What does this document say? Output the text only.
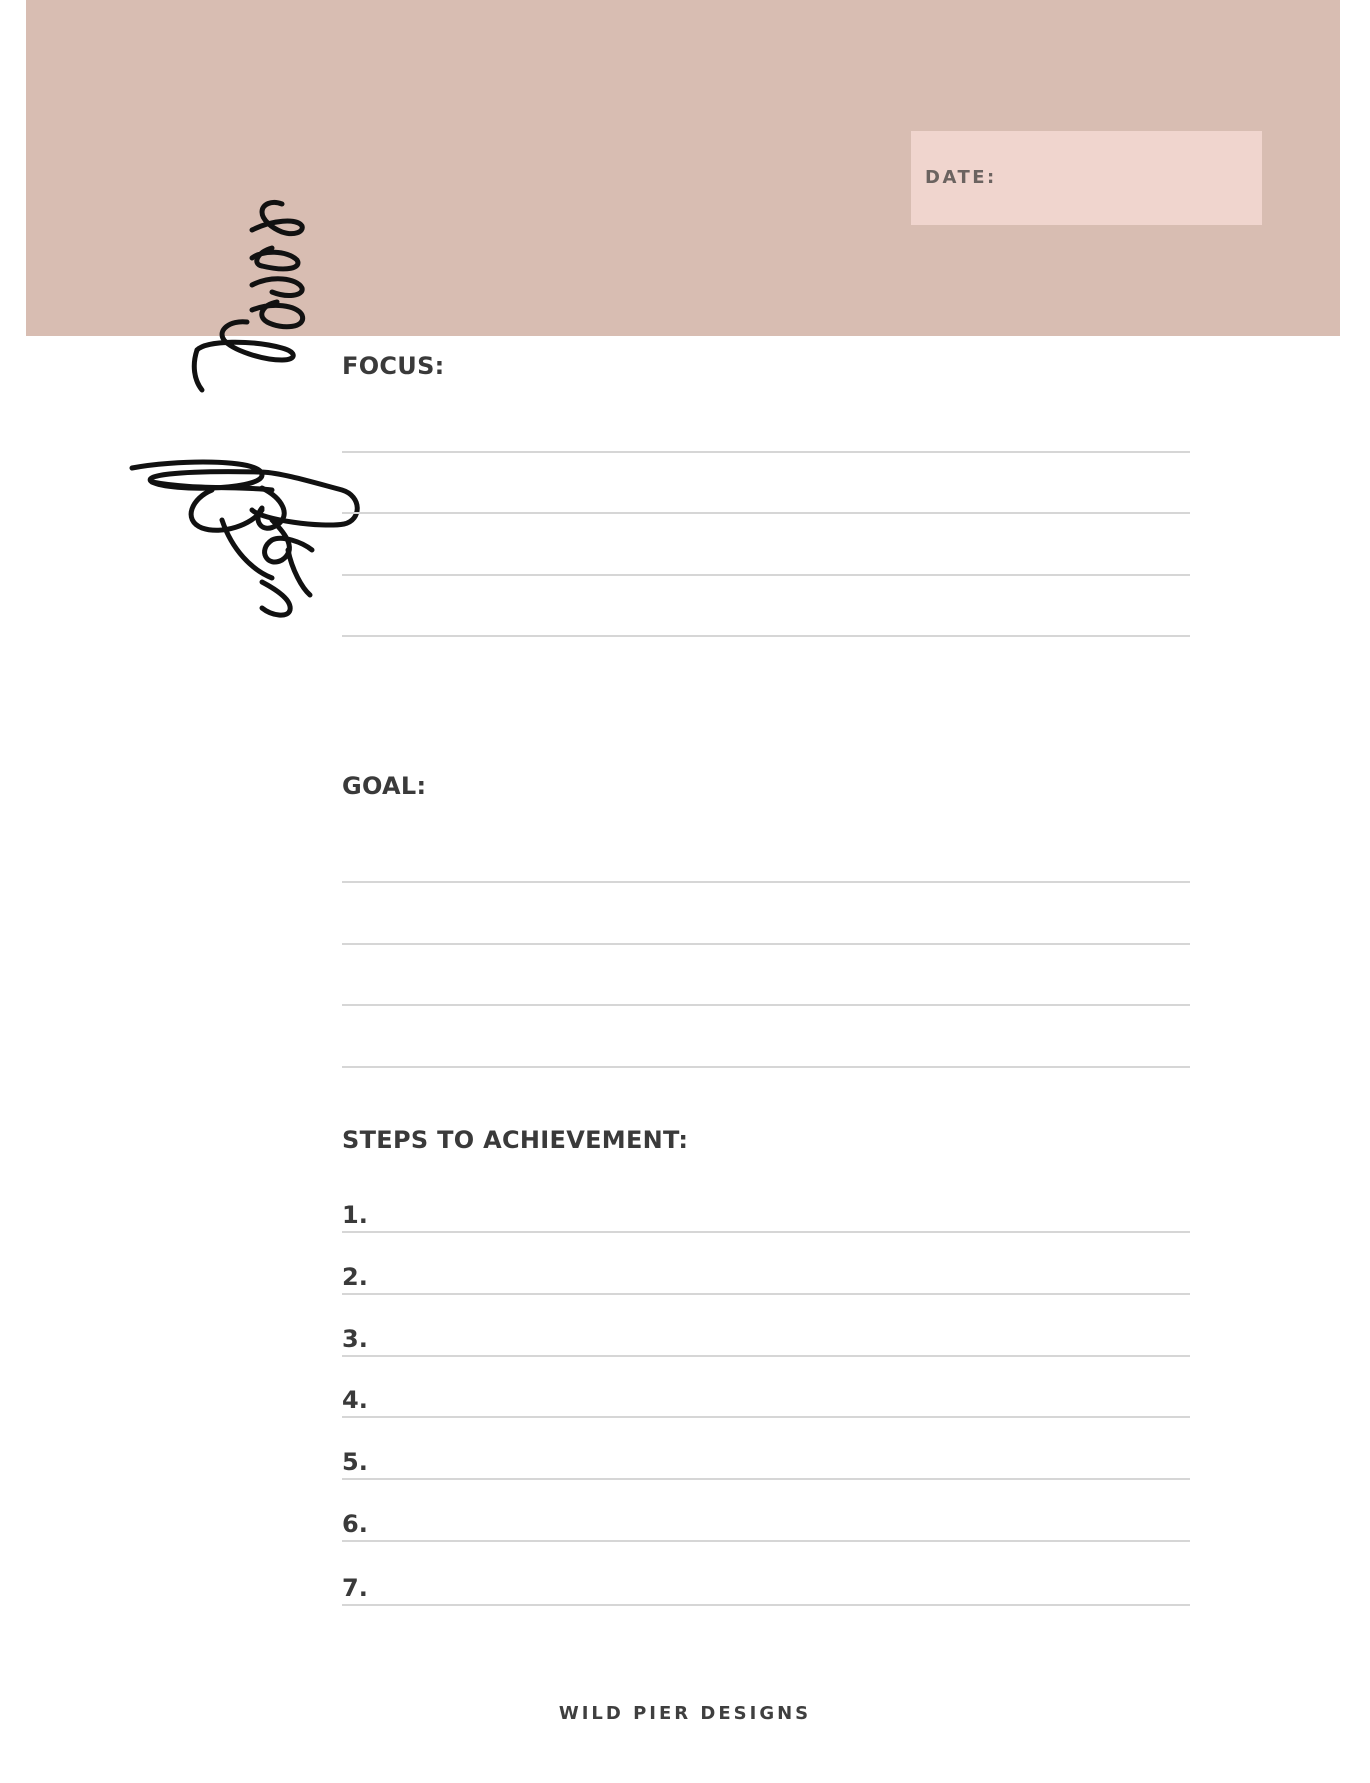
DATE:
FOCUS:
GOAL:
STEPS TO ACHIEVEMENT:
1.
2.
3.
4.
5.
6.
7.
WILD PIER DESIGNS
